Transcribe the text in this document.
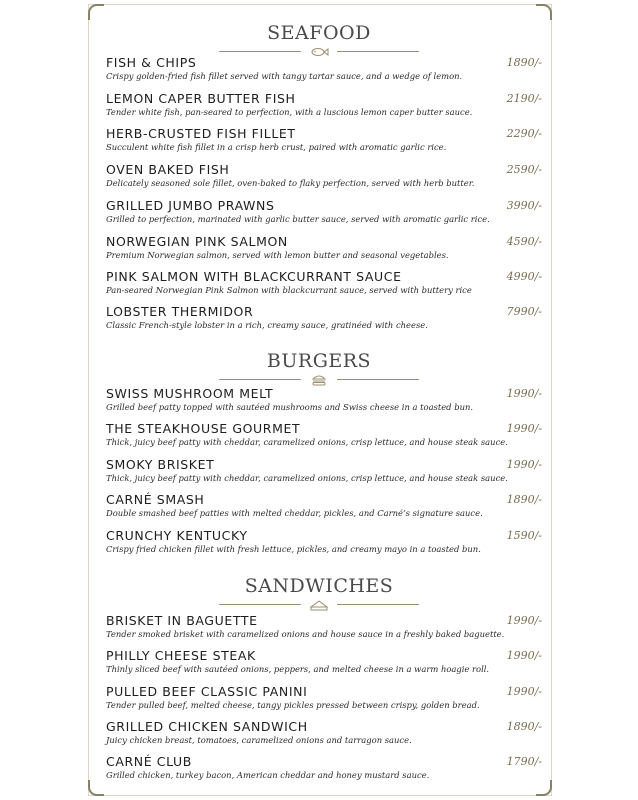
SEAFOOD
FISH & CHIPS
Crispy golden-fried fish fillet served with tangy tartar sauce, and a wedge of lemon.
1890/-
LEMON CAPER BUTTER FISH
Tender white fish, pan-seared to perfection, with a luscious lemon caper butter sauce.
2190/-
HERB-CRUSTED FISH FILLET
Succulent white fish fillet in a crisp herb crust, paired with aromatic garlic rice.
2290/-
OVEN BAKED FISH
Delicately seasoned sole fillet, oven-baked to flaky perfection, served with herb butter.
2590/-
GRILLED JUMBO PRAWNS
Grilled to perfection, marinated with garlic butter sauce, served with aromatic garlic rice.
3990/-
NORWEGIAN PINK SALMON
Premium Norwegian salmon, served with lemon butter and seasonal vegetables.
4590/-
PINK SALMON WITH BLACKCURRANT SAUCE
Pan-seared Norwegian Pink Salmon with blackcurrant sauce, served with buttery rice
4990/-
LOBSTER THERMIDOR
Classic French-style lobster in a rich, creamy sauce, gratinéed with cheese.
7990/-
BURGERS
SWISS MUSHROOM MELT
Grilled beef patty topped with sautéed mushrooms and Swiss cheese in a toasted bun.
1990/-
THE STEAKHOUSE GOURMET
Thick, juicy beef patty with cheddar, caramelized onions, crisp lettuce, and house steak sauce.
1990/-
SMOKY BRISKET
Thick, juicy beef patty with cheddar, caramelized onions, crisp lettuce, and house steak sauce.
1990/-
CARNÉ SMASH
Double smashed beef patties with melted cheddar, pickles, and Carné’s signature sauce.
1890/-
CRUNCHY KENTUCKY
Crispy fried chicken fillet with fresh lettuce, pickles, and creamy mayo in a toasted bun.
1590/-
SANDWICHES
BRISKET IN BAGUETTE
Tender smoked brisket with caramelized onions and house sauce in a freshly baked baguette.
1990/-
PHILLY CHEESE STEAK
Thinly sliced beef with sautéed onions, peppers, and melted cheese in a warm hoagie roll.
1990/-
PULLED BEEF CLASSIC PANINI
Tender pulled beef, melted cheese, tangy pickles pressed between crispy, golden bread.
1990/-
GRILLED CHICKEN SANDWICH
Juicy chicken breast, tomatoes, caramelized onions and tarragon sauce.
1890/-
CARNÉ CLUB
Grilled chicken, turkey bacon, American cheddar and honey mustard sauce.
1790/-
